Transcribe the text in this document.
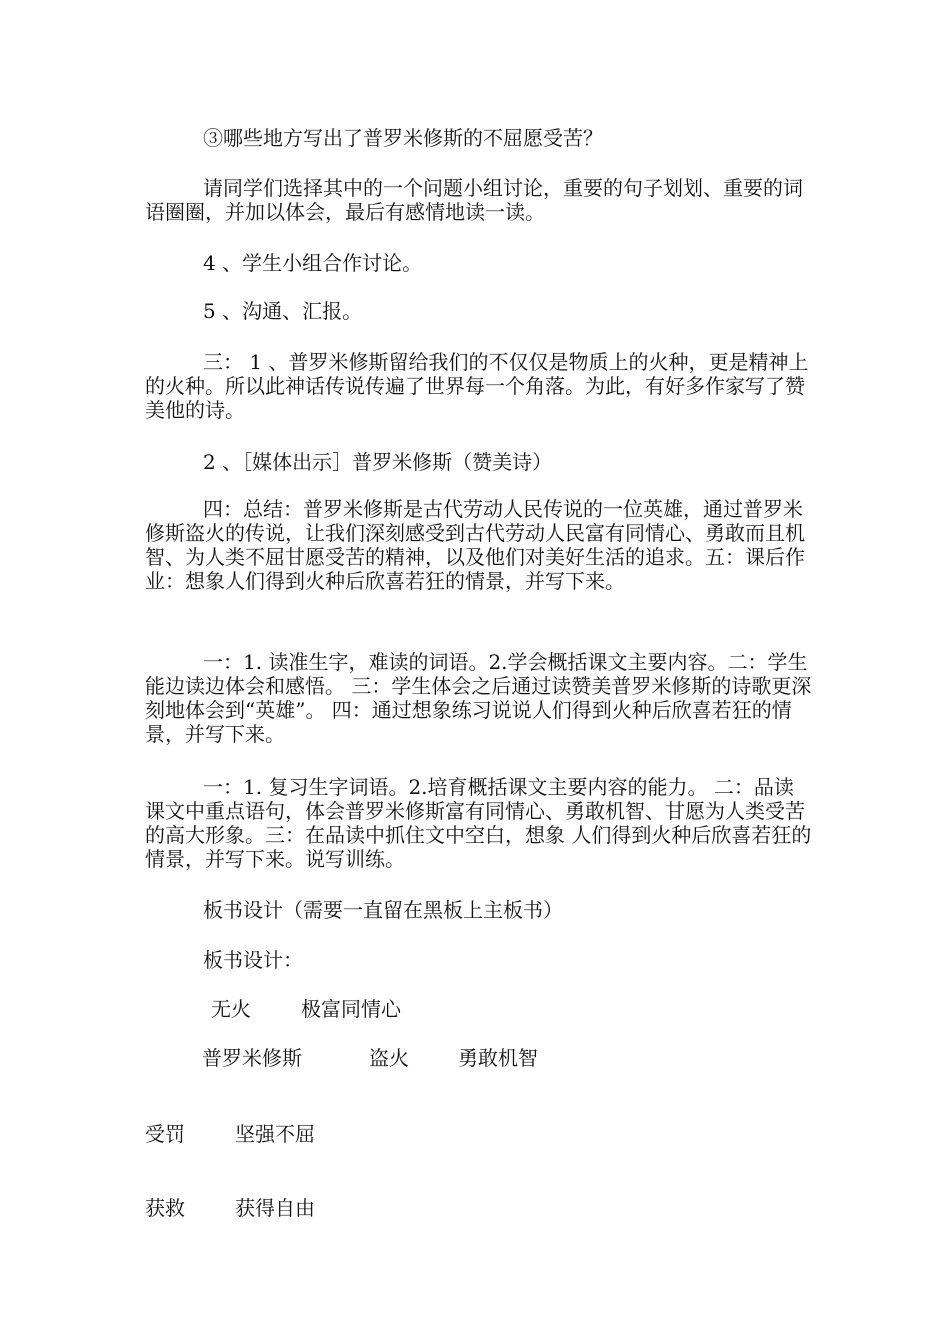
③哪些地方写出了普罗米修斯的不屈愿受苦？

请同学们选择其中的一个问题小组讨论，重要的句子划划、重要的词语圈圈，并加以体会，最后有感情地读一读。

4 、学生小组合作讨论。

5 、沟通、汇报。

三： 1 、普罗米修斯留给我们的不仅仅是物质上的火种，更是精神上的火种。所以此神话传说传遍了世界每一个角落。为此，有好多作家写了赞美他的诗。

2 、［媒体出示］普罗米修斯（赞美诗）

四：总结：普罗米修斯是古代劳动人民传说的一位英雄，通过普罗米修斯盗火的传说，让我们深刻感受到古代劳动人民富有同情心、勇敢而且机智、为人类不屈甘愿受苦的精神，以及他们对美好生活的追求。五：课后作业：想象人们得到火种后欣喜若狂的情景，并写下来。

一：1. 读准生字，难读的词语。2.学会概括课文主要内容。二：学生能边读边体会和感悟。 三：学生体会之后通过读赞美普罗米修斯的诗歌更深刻地体会到“英雄”。 四：通过想象练习说说人们得到火种后欣喜若狂的情景，并写下来。

一：1. 复习生字词语。2.培育概括课文主要内容的能力。 二：品读课文中重点语句，体会普罗米修斯富有同情心、勇敢机智、甘愿为人类受苦的高大形象。三：在品读中抓住文中空白，想象 人们得到火种后欣喜若狂的情景，并写下来。说写训练。

板书设计（需要一直留在黑板上主板书）

板书设计：

无火	极富同情心
普罗米修斯	盗火 勇敢机智
受罚	坚强不屈
获救	获得自由
